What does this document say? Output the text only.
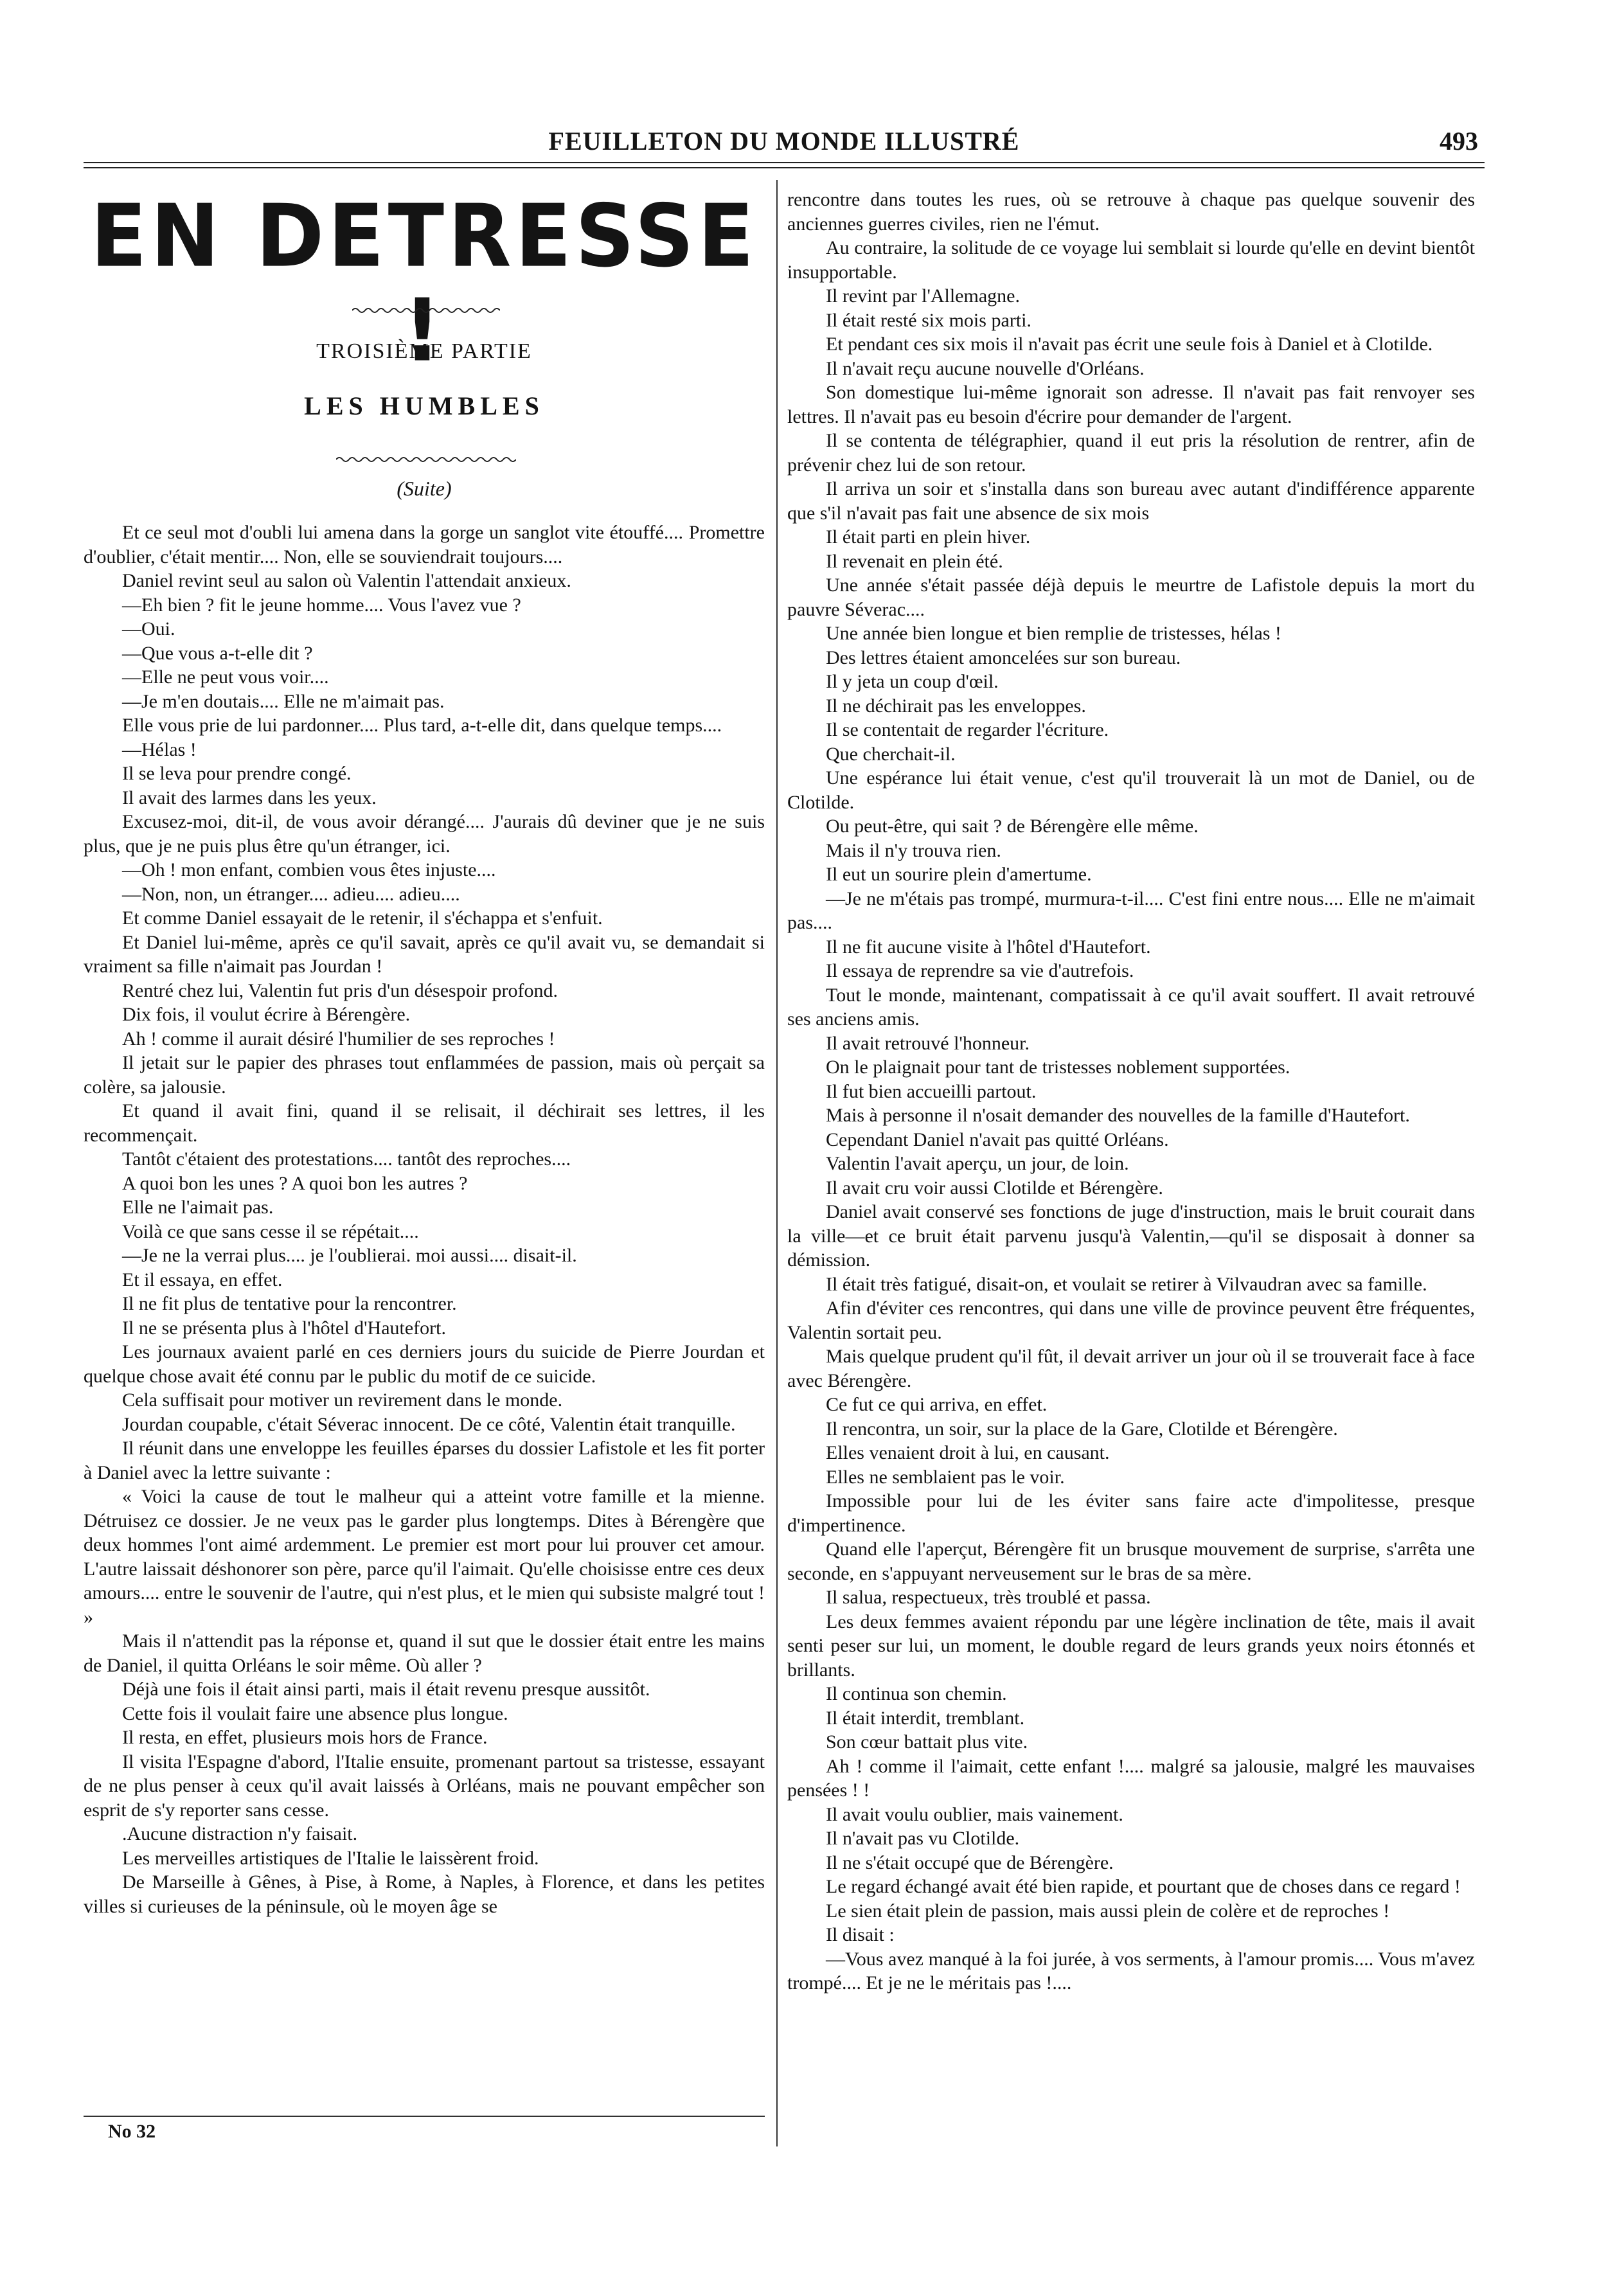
FEUILLETON DU MONDE ILLUSTRÉ	493
EN DETRESSE !
TROISIÈME PARTIE
LES HUMBLES
(Suite)

Et ce seul mot d'oubli lui amena dans la gorge un sanglot vite étouffé.... Promettre d'oublier, c'était mentir.... Non, elle se souviendrait toujours....

Daniel revint seul au salon où Valentin l'attendait anxieux.

—Eh bien ? fit le jeune homme.... Vous l'avez vue ?

—Oui.

—Que vous a-t-elle dit ?

—Elle ne peut vous voir....

—Je m'en doutais.... Elle ne m'aimait pas.

Elle vous prie de lui pardonner.... Plus tard, a-t-elle dit, dans quelque temps....

—Hélas !

Il se leva pour prendre congé.

Il avait des larmes dans les yeux.

Excusez-moi, dit-il, de vous avoir dérangé.... J'aurais dû deviner que je ne suis plus, que je ne puis plus être qu'un étranger, ici.

—Oh ! mon enfant, combien vous êtes injuste....

—Non, non, un étranger.... adieu.... adieu....

Et comme Daniel essayait de le retenir, il s'échappa et s'enfuit.

Et Daniel lui-même, après ce qu'il savait, après ce qu'il avait vu, se demandait si vraiment sa fille n'aimait pas Jourdan !

Rentré chez lui, Valentin fut pris d'un désespoir profond.

Dix fois, il voulut écrire à Bérengère.

Ah ! comme il aurait désiré l'humilier de ses reproches !

Il jetait sur le papier des phrases tout enflammées de passion, mais où perçait sa colère, sa jalousie.

Et quand il avait fini, quand il se relisait, il déchirait ses lettres, il les recommençait.

Tantôt c'étaient des protestations.... tantôt des reproches....

A quoi bon les unes ? A quoi bon les autres ?

Elle ne l'aimait pas.

Voilà ce que sans cesse il se répétait....

—Je ne la verrai plus.... je l'oublierai. moi aussi.... disait-il.

Et il essaya, en effet.

Il ne fit plus de tentative pour la rencontrer.

Il ne se présenta plus à l'hôtel d'Hautefort.

Les journaux avaient parlé en ces derniers jours du suicide de Pierre Jourdan et quelque chose avait été connu par le public du motif de ce suicide.

Cela suffisait pour motiver un revirement dans le monde.

Jourdan coupable, c'était Séverac innocent. De ce côté, Valentin était tranquille.

Il réunit dans une enveloppe les feuilles éparses du dossier Lafistole et les fit porter à Daniel avec la lettre suivante :

« Voici la cause de tout le malheur qui a atteint votre famille et la mienne. Détruisez ce dossier. Je ne veux pas le garder plus longtemps. Dites à Bérengère que deux hommes l'ont aimé ardemment. Le premier est mort pour lui prouver cet amour. L'autre laissait déshonorer son père, parce qu'il l'aimait. Qu'elle choisisse entre ces deux amours.... entre le souvenir de l'autre, qui n'est plus, et le mien qui subsiste malgré tout ! »

Mais il n'attendit pas la réponse et, quand il sut que le dossier était entre les mains de Daniel, il quitta Orléans le soir même. Où aller ?

Déjà une fois il était ainsi parti, mais il était revenu presque aussitôt.

Cette fois il voulait faire une absence plus longue.

Il resta, en effet, plusieurs mois hors de France.

Il visita l'Espagne d'abord, l'Italie ensuite, promenant partout sa tristesse, essayant de ne plus penser à ceux qu'il avait laissés à Orléans, mais ne pouvant empêcher son esprit de s'y reporter sans cesse.

.Aucune distraction n'y faisait.

Les merveilles artistiques de l'Italie le laissèrent froid.

De Marseille à Gênes, à Pise, à Rome, à Naples, à Florence, et dans les petites villes si curieuses de la péninsule, où le moyen âge se

rencontre dans toutes les rues, où se retrouve à chaque pas quelque souvenir des anciennes guerres civiles, rien ne l'émut.

Au contraire, la solitude de ce voyage lui semblait si lourde qu'elle en devint bientôt insupportable.

Il revint par l'Allemagne.

Il était resté six mois parti.

Et pendant ces six mois il n'avait pas écrit une seule fois à Daniel et à Clotilde.

Il n'avait reçu aucune nouvelle d'Orléans.

Son domestique lui-même ignorait son adresse. Il n'avait pas fait renvoyer ses lettres. Il n'avait pas eu besoin d'écrire pour demander de l'argent.

Il se contenta de télégraphier, quand il eut pris la résolution de rentrer, afin de prévenir chez lui de son retour.

Il arriva un soir et s'installa dans son bureau avec autant d'indifférence apparente que s'il n'avait pas fait une absence de six mois

Il était parti en plein hiver.

Il revenait en plein été.

Une année s'était passée déjà depuis le meurtre de Lafistole depuis la mort du pauvre Séverac....

Une année bien longue et bien remplie de tristesses, hélas !

Des lettres étaient amoncelées sur son bureau.

Il y jeta un coup d'œil.

Il ne déchirait pas les enveloppes.

Il se contentait de regarder l'écriture.

Que cherchait-il.

Une espérance lui était venue, c'est qu'il trouverait là un mot de Daniel, ou de Clotilde.

Ou peut-être, qui sait ? de Bérengère elle même.

Mais il n'y trouva rien.

Il eut un sourire plein d'amertume.

—Je ne m'étais pas trompé, murmura-t-il.... C'est fini entre nous.... Elle ne m'aimait pas....

Il ne fit aucune visite à l'hôtel d'Hautefort.

Il essaya de reprendre sa vie d'autrefois.

Tout le monde, maintenant, compatissait à ce qu'il avait souffert. Il avait retrouvé ses anciens amis.

Il avait retrouvé l'honneur.

On le plaignait pour tant de tristesses noblement supportées.

Il fut bien accueilli partout.

Mais à personne il n'osait demander des nouvelles de la famille d'Hautefort.

Cependant Daniel n'avait pas quitté Orléans.

Valentin l'avait aperçu, un jour, de loin.

Il avait cru voir aussi Clotilde et Bérengère.

Daniel avait conservé ses fonctions de juge d'instruction, mais le bruit courait dans la ville—et ce bruit était parvenu jusqu'à Valentin,—qu'il se disposait à donner sa démission.

Il était très fatigué, disait-on, et voulait se retirer à Vilvaudran avec sa famille.

Afin d'éviter ces rencontres, qui dans une ville de province peuvent être fréquentes, Valentin sortait peu.

Mais quelque prudent qu'il fût, il devait arriver un jour où il se trouverait face à face avec Bérengère.

Ce fut ce qui arriva, en effet.

Il rencontra, un soir, sur la place de la Gare, Clotilde et Bérengère.

Elles venaient droit à lui, en causant.

Elles ne semblaient pas le voir.

Impossible pour lui de les éviter sans faire acte d'impolitesse, presque d'impertinence.

Quand elle l'aperçut, Bérengère fit un brusque mouvement de surprise, s'arrêta une seconde, en s'appuyant nerveusement sur le bras de sa mère.

Il salua, respectueux, très troublé et passa.

Les deux femmes avaient répondu par une légère inclination de tête, mais il avait senti peser sur lui, un moment, le double regard de leurs grands yeux noirs étonnés et brillants.

Il continua son chemin.

Il était interdit, tremblant.

Son cœur battait plus vite.

Ah ! comme il l'aimait, cette enfant !.... malgré sa jalousie, malgré les mauvaises pensées ! !

Il avait voulu oublier, mais vainement.

Il n'avait pas vu Clotilde.

Il ne s'était occupé que de Bérengère.

Le regard échangé avait été bien rapide, et pourtant que de choses dans ce regard !

Le sien était plein de passion, mais aussi plein de colère et de reproches !

Il disait :

—Vous avez manqué à la foi jurée, à vos serments, à l'amour promis.... Vous m'avez trompé.... Et je ne le méritais pas !....

No 32
